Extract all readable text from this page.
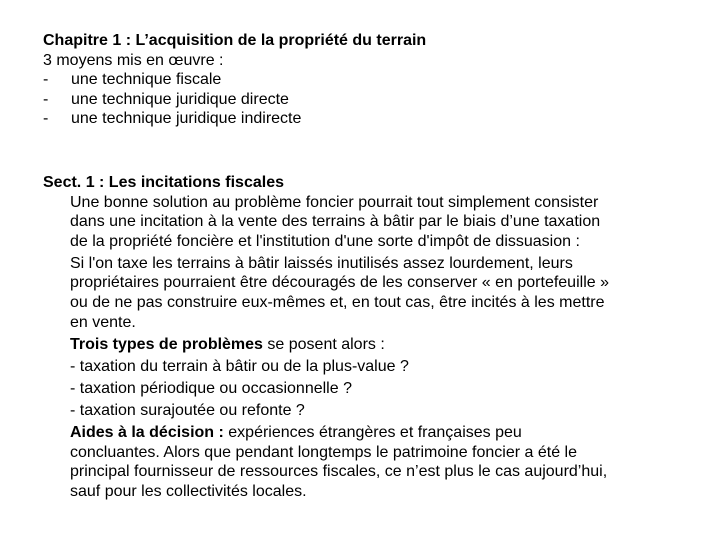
Chapitre 1 : L’acquisition de la propriété du terrain
3 moyens mis en œuvre :
-	une technique fiscale
-	une technique juridique directe
-	une technique juridique indirecte
Sect. 1 : Les incitations fiscales
Une bonne solution au problème foncier pourrait tout simplement consister
dans une incitation à la vente des terrains à bâtir par le biais d’une taxation
de la propriété foncière et l'institution d'une sorte d'impôt de dissuasion :
Si l'on taxe les terrains à bâtir laissés inutilisés assez lourdement, leurs
propriétaires pourraient être découragés de les conserver « en portefeuille »
ou de ne pas construire eux-mêmes et, en tout cas, être incités à les mettre
en vente.
Trois types de problèmes se posent alors :
- taxation du terrain à bâtir ou de la plus-value ?
- taxation périodique ou occasionnelle ?
- taxation surajoutée ou refonte ?
Aides à la décision : expériences étrangères et françaises peu
concluantes. Alors que pendant longtemps le patrimoine foncier a été le
principal fournisseur de ressources fiscales, ce n’est plus le cas aujourd’hui,
sauf pour les collectivités locales.
